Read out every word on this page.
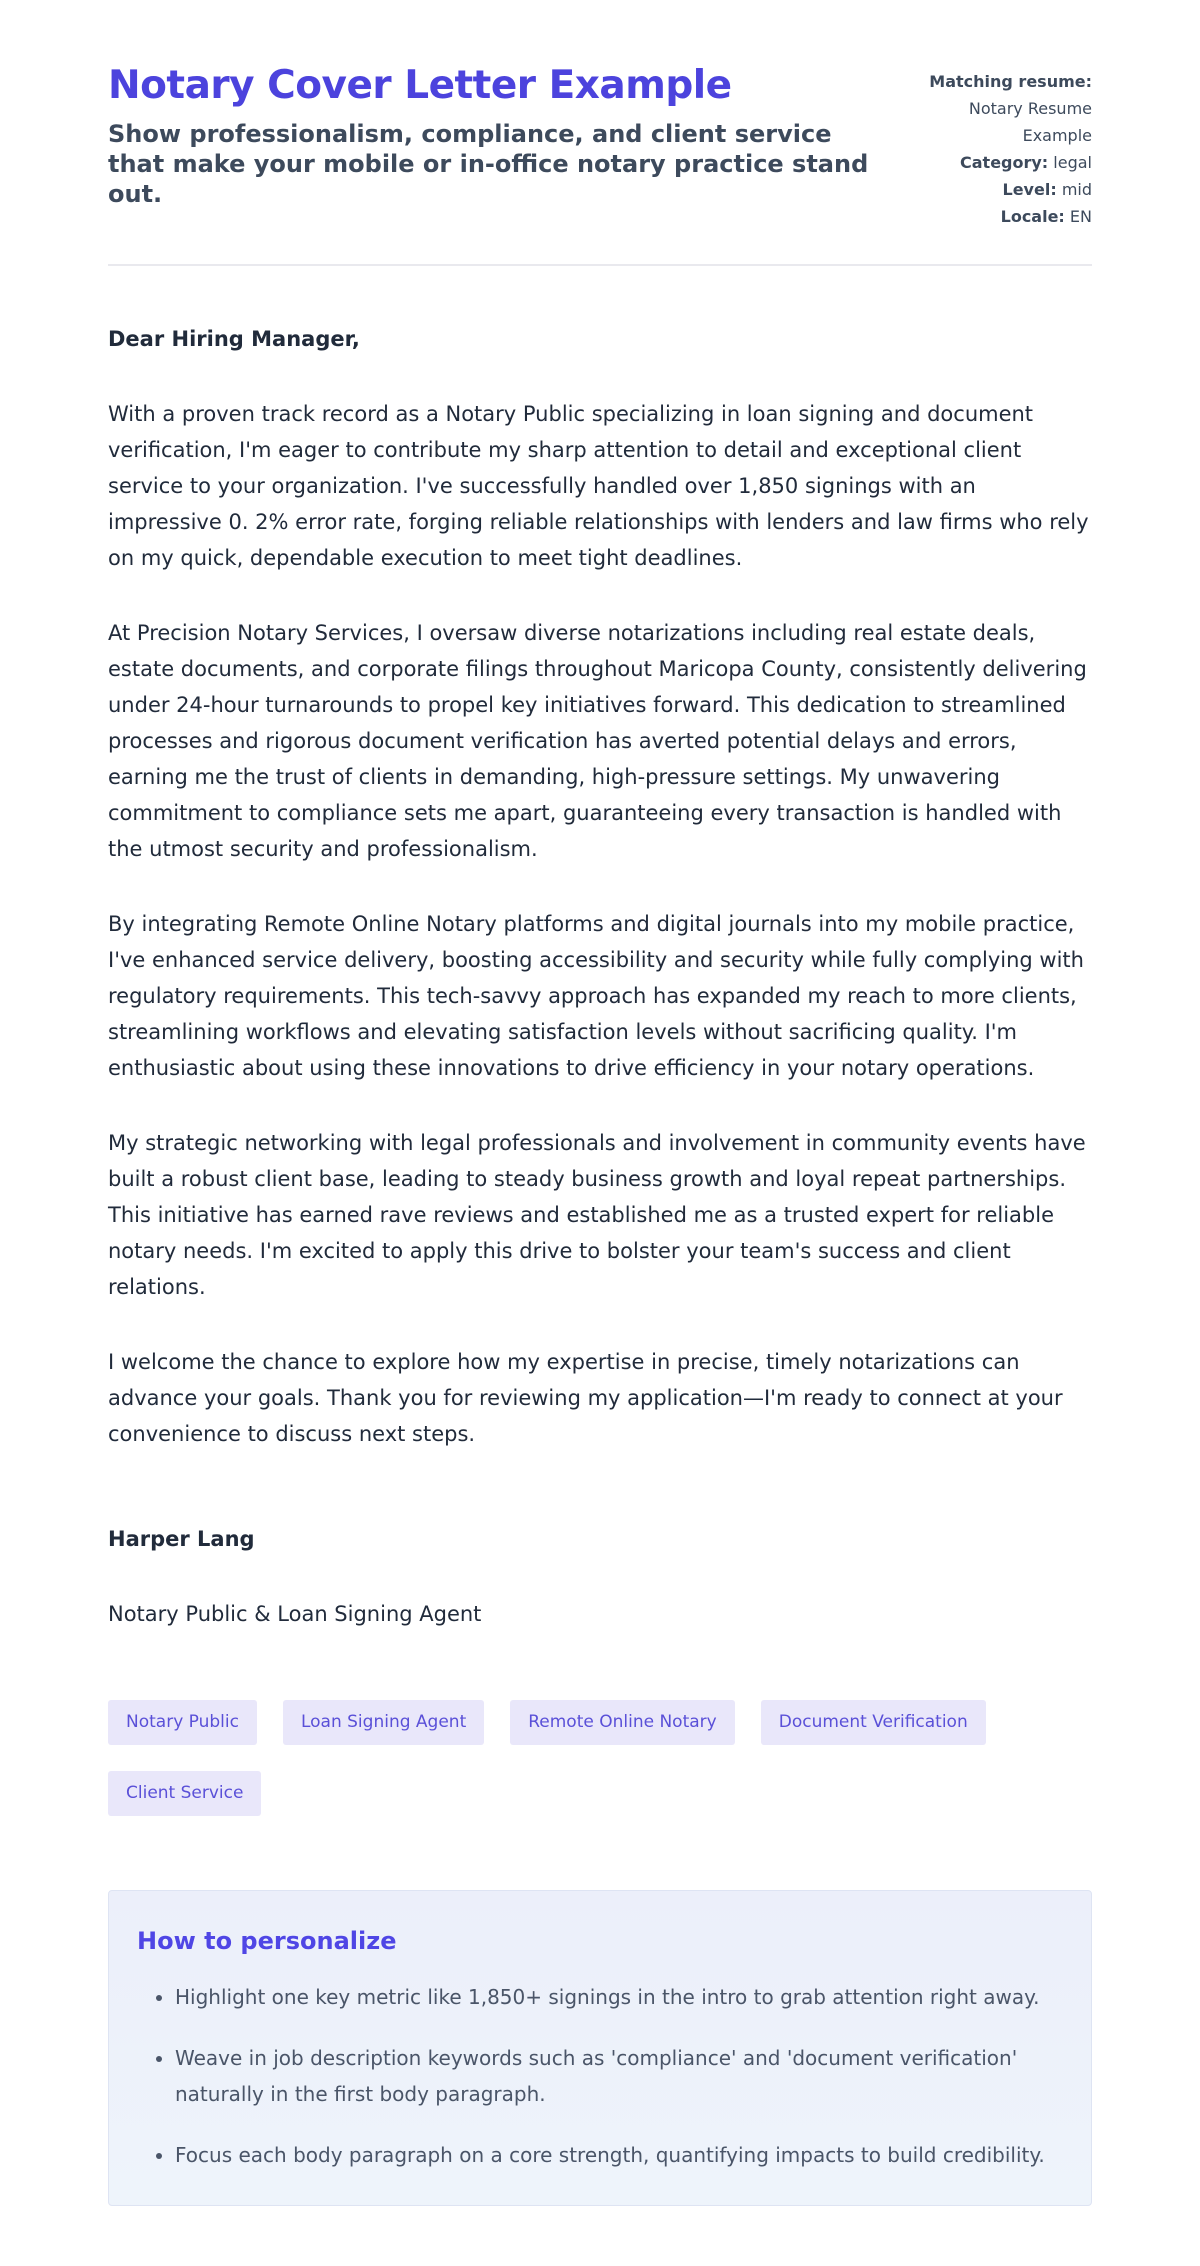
Notary Cover Letter Example

Show professionalism, compliance, and client service that make your mobile or in-office notary practice stand out.

Matching resume: Notary Resume Example
Category: legal
Level: mid
Locale: EN

Dear Hiring Manager,

With a proven track record as a Notary Public specializing in loan signing and document verification, I'm eager to contribute my sharp attention to detail and exceptional client service to your organization. I've successfully handled over 1,850 signings with an impressive 0. 2% error rate, forging reliable relationships with lenders and law firms who rely on my quick, dependable execution to meet tight deadlines.

At Precision Notary Services, I oversaw diverse notarizations including real estate deals, estate documents, and corporate filings throughout Maricopa County, consistently delivering under 24-hour turnarounds to propel key initiatives forward. This dedication to streamlined processes and rigorous document verification has averted potential delays and errors, earning me the trust of clients in demanding, high-pressure settings. My unwavering commitment to compliance sets me apart, guaranteeing every transaction is handled with the utmost security and professionalism.

By integrating Remote Online Notary platforms and digital journals into my mobile practice, I've enhanced service delivery, boosting accessibility and security while fully complying with regulatory requirements. This tech-savvy approach has expanded my reach to more clients, streamlining workflows and elevating satisfaction levels without sacrificing quality. I'm enthusiastic about using these innovations to drive efficiency in your notary operations.

My strategic networking with legal professionals and involvement in community events have built a robust client base, leading to steady business growth and loyal repeat partnerships. This initiative has earned rave reviews and established me as a trusted expert for reliable notary needs. I'm excited to apply this drive to bolster your team's success and client relations.

I welcome the chance to explore how my expertise in precise, timely notarizations can advance your goals. Thank you for reviewing my application—I'm ready to connect at your convenience to discuss next steps.

Harper Lang

Notary Public & Loan Signing Agent

Notary Public	Loan Signing Agent	Remote Online Notary	Document Verification
Client Service
How to personalize
• Highlight one key metric like 1,850+ signings in the intro to grab attention right away.
• Weave in job description keywords such as 'compliance' and 'document verification' naturally in the first body paragraph.
• Focus each body paragraph on a core strength, quantifying impacts to build credibility.
